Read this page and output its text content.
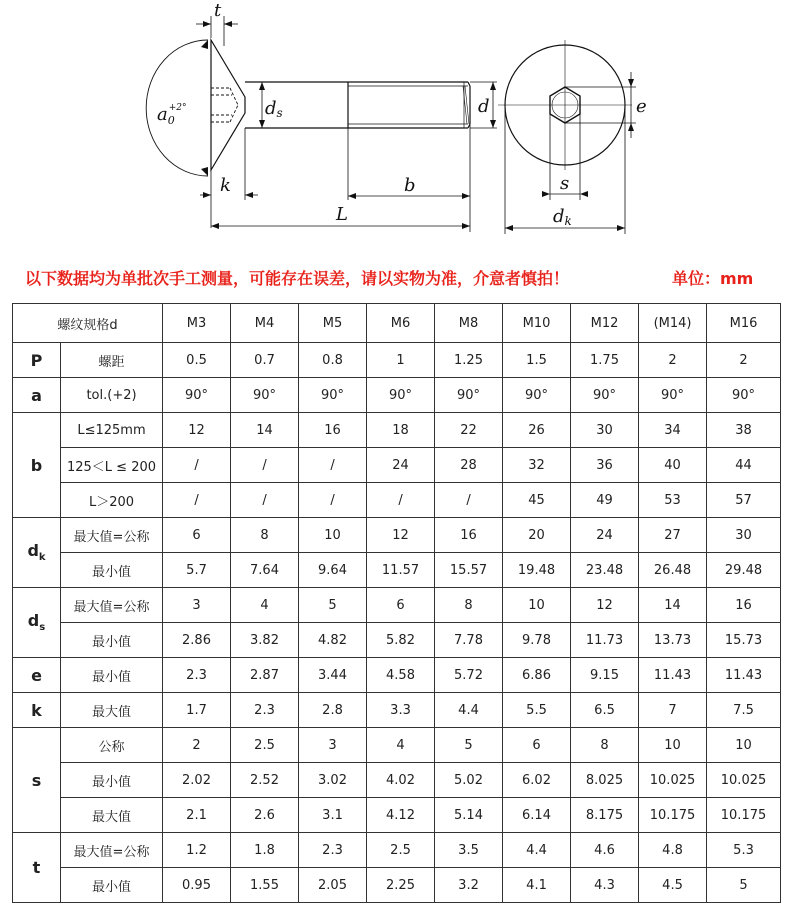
t
$a_0+2^\circ$	ds	d
k	b
L
e
s
dk
以下数据均为单批次手工测量，可能存在误差，请以实物为准，介意者慎拍！	单位：mm
螺纹规格d		M3	M4	M5	M6	M8	M10	M12	(M14)	M16
P	螺距	0.5	0.7	0.8	1	1.25	1.5	1.75	2	2
a	tol.(+2)	90°	90°	90°	90°	90°	90°	90°	90°	90°
b	L≤125mm	12	14	16	18	22	26	30	34	38
	125＜L ≤ 200	/	/	/	24	28	32	36	40	44
	L＞200	/	/	/	/	/	45	49	53	57
$d_k$	最大值=公称	6	8	10	12	16	20	24	27	30
	最小值	5.7	7.64	9.64	11.57	15.57	19.48	23.48	26.48	29.48
$d_s$	最大值=公称	3	4	5	6	8	10	12	14	16
	最小值	2.86	3.82	4.82	5.82	7.78	9.78	11.73	13.73	15.73
e	最小值	2.3	2.87	3.44	4.58	5.72	6.86	9.15	11.43	11.43
k	最大值	1.7	2.3	2.8	3.3	4.4	5.5	6.5	7	7.5
s	公称	2	2.5	3	4	5	6	8	10	10
	最小值	2.02	2.52	3.02	4.02	5.02	6.02	8.025	10.025	10.025
	最大值	2.1	2.6	3.1	4.12	5.14	6.14	8.175	10.175	10.175
t	最大值=公称	1.2	1.8	2.3	2.5	3.5	4.4	4.6	4.8	5.3
	最小值	0.95	1.55	2.05	2.25	3.2	4.1	4.3	4.5	5
